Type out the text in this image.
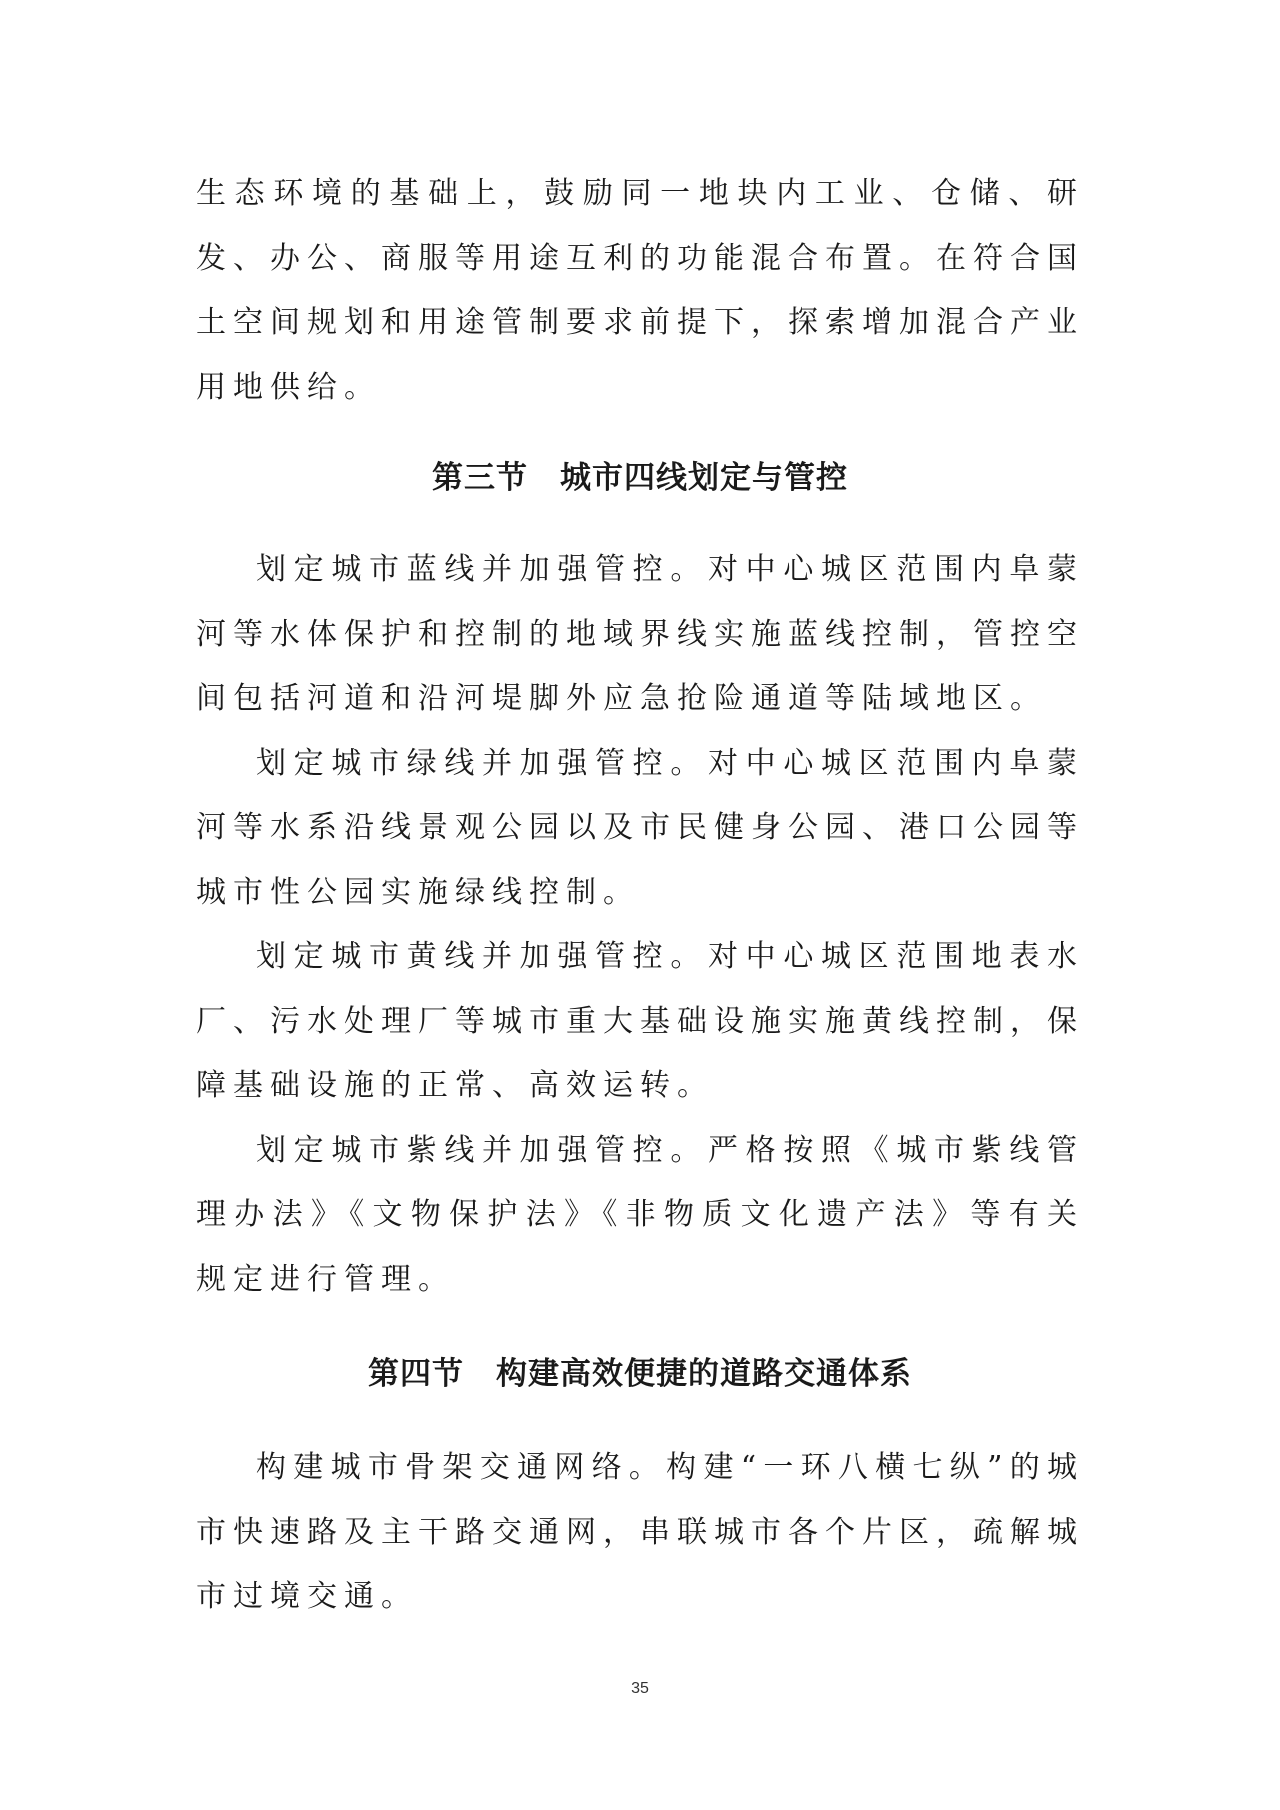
生态环境的基础上，鼓励同一地块内工业、仓储、研发、办公、商服等用途互利的功能混合布置。在符合国土空间规划和用途管制要求前提下，探索增加混合产业用地供给。

第三节　城市四线划定与管控

划定城市蓝线并加强管控。对中心城区范围内阜蒙河等水体保护和控制的地域界线实施蓝线控制，管控空间包括河道和沿河堤脚外应急抢险通道等陆域地区。

划定城市绿线并加强管控。对中心城区范围内阜蒙河等水系沿线景观公园以及市民健身公园、港口公园等城市性公园实施绿线控制。

划定城市黄线并加强管控。对中心城区范围地表水厂、污水处理厂等城市重大基础设施实施黄线控制，保障基础设施的正常、高效运转。

划定城市紫线并加强管控。严格按照《城市紫线管理办法》《文物保护法》《非物质文化遗产法》等有关规定进行管理。

第四节　构建高效便捷的道路交通体系

构建城市骨架交通网络。构建“一环八横七纵”的城市快速路及主干路交通网，串联城市各个片区，疏解城市过境交通。

35
